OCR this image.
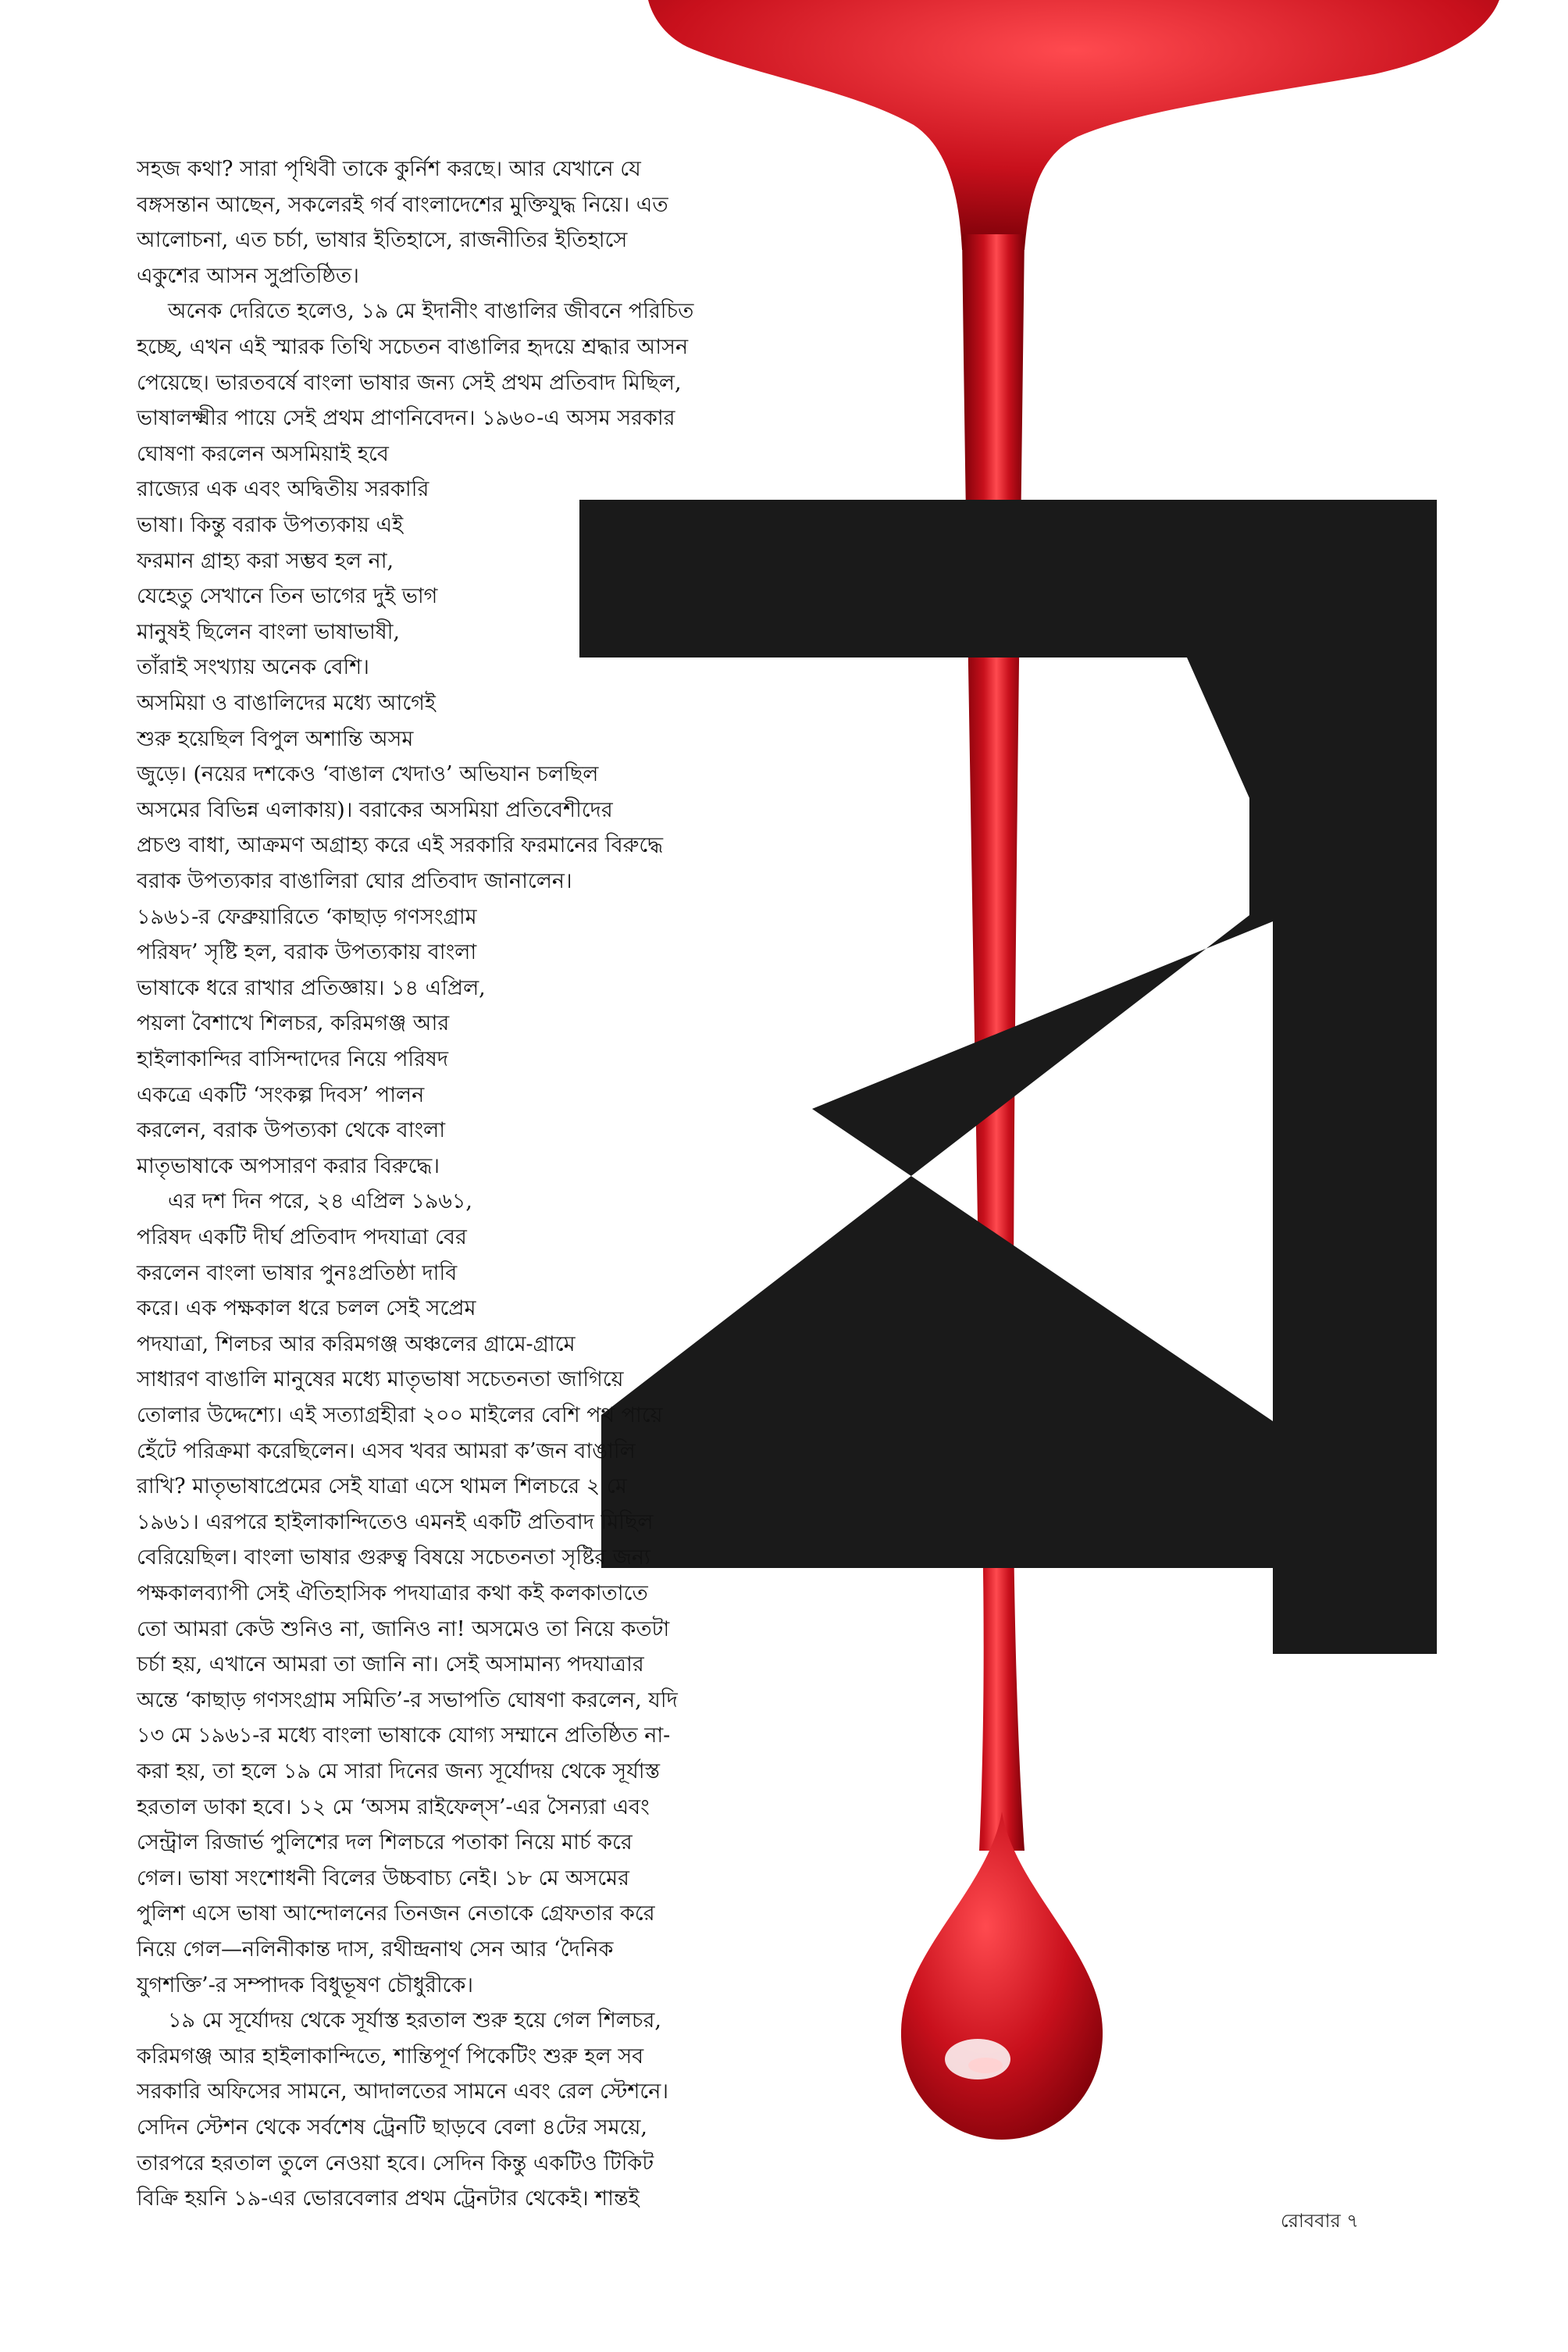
সহজ কথা? সারা পৃথিবী তাকে কুর্নিশ করছে। আর যেখানে যে
বঙ্গসন্তান আছেন, সকলেরই গর্ব বাংলাদেশের মুক্তিযুদ্ধ নিয়ে। এত
আলোচনা, এত চর্চা, ভাষার ইতিহাসে, রাজনীতির ইতিহাসে
একুশের আসন সুপ্রতিষ্ঠিত।
অনেক দেরিতে হলেও, ১৯ মে ইদানীং বাঙালির জীবনে পরিচিত
হচ্ছে, এখন এই স্মারক তিথি সচেতন বাঙালির হৃদয়ে শ্রদ্ধার আসন
পেয়েছে। ভারতবর্ষে বাংলা ভাষার জন্য সেই প্রথম প্রতিবাদ মিছিল,
ভাষালক্ষ্মীর পায়ে সেই প্রথম প্রাণনিবেদন। ১৯৬০-এ অসম সরকার
ঘোষণা করলেন অসমিয়াই হবে
রাজ্যের এক এবং অদ্বিতীয় সরকারি
ভাষা। কিন্তু বরাক উপত্যকায় এই
ফরমান গ্রাহ্য করা সম্ভব হল না,
যেহেতু সেখানে তিন ভাগের দুই ভাগ
মানুষই ছিলেন বাংলা ভাষাভাষী,
তাঁরাই সংখ্যায় অনেক বেশি।
অসমিয়া ও বাঙালিদের মধ্যে আগেই
শুরু হয়েছিল বিপুল অশান্তি অসম
জুড়ে। (নয়ের দশকেও ‘বাঙাল খেদাও’ অভিযান চলছিল
অসমের বিভিন্ন এলাকায়)। বরাকের অসমিয়া প্রতিবেশীদের
প্রচণ্ড বাধা, আক্রমণ অগ্রাহ্য করে এই সরকারি ফরমানের বিরুদ্ধে
বরাক উপত্যকার বাঙালিরা ঘোর প্রতিবাদ জানালেন।
১৯৬১-র ফেব্রুয়ারিতে ‘কাছাড় গণসংগ্রাম
পরিষদ’ সৃষ্টি হল, বরাক উপত্যকায় বাংলা
ভাষাকে ধরে রাখার প্রতিজ্ঞায়। ১৪ এপ্রিল,
পয়লা বৈশাখে শিলচর, করিমগঞ্জ আর
হাইলাকান্দির বাসিন্দাদের নিয়ে পরিষদ
একত্রে একটি ‘সংকল্প দিবস’ পালন
করলেন, বরাক উপত্যকা থেকে বাংলা
মাতৃভাষাকে অপসারণ করার বিরুদ্ধে।
এর দশ দিন পরে, ২৪ এপ্রিল ১৯৬১,
পরিষদ একটি দীর্ঘ প্রতিবাদ পদযাত্রা বের
করলেন বাংলা ভাষার পুনঃপ্রতিষ্ঠা দাবি
করে। এক পক্ষকাল ধরে চলল সেই সপ্রেম
পদযাত্রা, শিলচর আর করিমগঞ্জ অঞ্চলের গ্রামে-গ্রামে
সাধারণ বাঙালি মানুষের মধ্যে মাতৃভাষা সচেতনতা জাগিয়ে
তোলার উদ্দেশ্যে। এই সত্যাগ্রহীরা ২০০ মাইলের বেশি পথ পায়ে
হেঁটে পরিক্রমা করেছিলেন। এসব খবর আমরা ক’জন বাঙালি
রাখি? মাতৃভাষাপ্রেমের সেই যাত্রা এসে থামল শিলচরে ২ মে
১৯৬১। এরপরে হাইলাকান্দিতেও এমনই একটি প্রতিবাদ মিছিল
বেরিয়েছিল। বাংলা ভাষার গুরুত্ব বিষয়ে সচেতনতা সৃষ্টির জন্য
পক্ষকালব্যাপী সেই ঐতিহাসিক পদযাত্রার কথা কই কলকাতাতে
তো আমরা কেউ শুনিও না, জানিও না! অসমেও তা নিয়ে কতটা
চর্চা হয়, এখানে আমরা তা জানি না। সেই অসামান্য পদযাত্রার
অন্তে ‘কাছাড় গণসংগ্রাম সমিতি’-র সভাপতি ঘোষণা করলেন, যদি
১৩ মে ১৯৬১-র মধ্যে বাংলা ভাষাকে যোগ্য সম্মানে প্রতিষ্ঠিত না-
করা হয়, তা হলে ১৯ মে সারা দিনের জন্য সূর্যোদয় থেকে সূর্যাস্ত
হরতাল ডাকা হবে। ১২ মে ‘অসম রাইফেল্‌স’-এর সৈন্যরা এবং
সেন্ট্রাল রিজার্ভ পুলিশের দল শিলচরে পতাকা নিয়ে মার্চ করে
গেল। ভাষা সংশোধনী বিলের উচ্চবাচ্য নেই। ১৮ মে অসমের
পুলিশ এসে ভাষা আন্দোলনের তিনজন নেতাকে গ্রেফতার করে
নিয়ে গেল—নলিনীকান্ত দাস, রথীন্দ্রনাথ সেন আর ‘দৈনিক
যুগশক্তি’-র সম্পাদক বিধুভূষণ চৌধুরীকে।
১৯ মে সূর্যোদয় থেকে সূর্যাস্ত হরতাল শুরু হয়ে গেল শিলচর,
করিমগঞ্জ আর হাইলাকান্দিতে, শান্তিপূর্ণ পিকেটিং শুরু হল সব
সরকারি অফিসের সামনে, আদালতের সামনে এবং রেল স্টেশনে।
সেদিন স্টেশন থেকে সর্বশেষ ট্রেনটি ছাড়বে বেলা ৪টের সময়ে,
তারপরে হরতাল তুলে নেওয়া হবে। সেদিন কিন্তু একটিও টিকিট
বিক্রি হয়নি ১৯-এর ভোরবেলার প্রথম ট্রেনটার থেকেই। শান্তই
রোববার ৭
